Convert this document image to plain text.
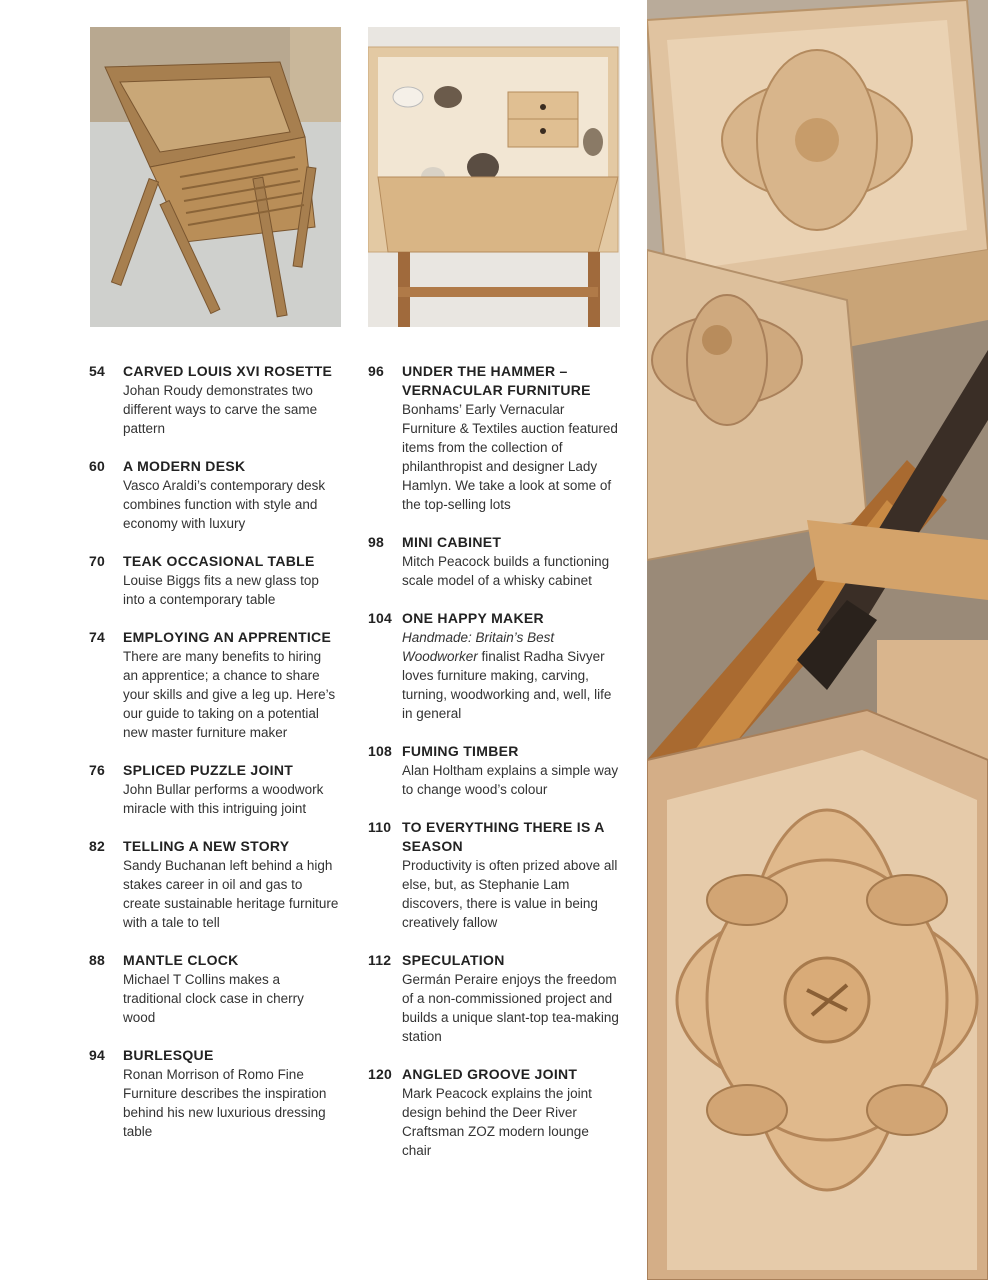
54 CARVED LOUIS XVI ROSETTE
Johan Roudy demonstrates two different ways to carve the same pattern
60 A MODERN DESK
Vasco Araldi’s contemporary desk combines function with style and economy with luxury
70 TEAK OCCASIONAL TABLE
Louise Biggs fits a new glass top into a contemporary table
74 EMPLOYING AN APPRENTICE
There are many benefits to hiring an apprentice; a chance to share your skills and give a leg up. Here’s our guide to taking on a potential new master furniture maker
76 SPLICED PUZZLE JOINT
John Bullar performs a woodwork miracle with this intriguing joint
82 TELLING A NEW STORY
Sandy Buchanan left behind a high stakes career in oil and gas to create sustainable heritage furniture with a tale to tell
88 MANTLE CLOCK
Michael T Collins makes a traditional clock case in cherry wood
94 BURLESQUE
Ronan Morrison of Romo Fine Furniture describes the inspiration behind his new luxurious dressing table
96 UNDER THE HAMMER – VERNACULAR FURNITURE
Bonhams’ Early Vernacular Furniture & Textiles auction featured items from the collection of philanthropist and designer Lady Hamlyn. We take a look at some of the top-selling lots
98 MINI CABINET
Mitch Peacock builds a functioning scale model of a whisky cabinet
104 ONE HAPPY MAKER
Handmade: Britain’s Best Woodworker finalist Radha Sivyer loves furniture making, carving, turning, woodworking and, well, life in general
108 FUMING TIMBER
Alan Holtham explains a simple way to change wood’s colour
110 TO EVERYTHING THERE IS A SEASON
Productivity is often prized above all else, but, as Stephanie Lam discovers, there is value in being creatively fallow
112 SPECULATION
Germán Peraire enjoys the freedom of a non-commissioned project and builds a unique slant-top tea-making station
120 ANGLED GROOVE JOINT
Mark Peacock explains the joint design behind the Deer River Craftsman ZOZ modern lounge chair
